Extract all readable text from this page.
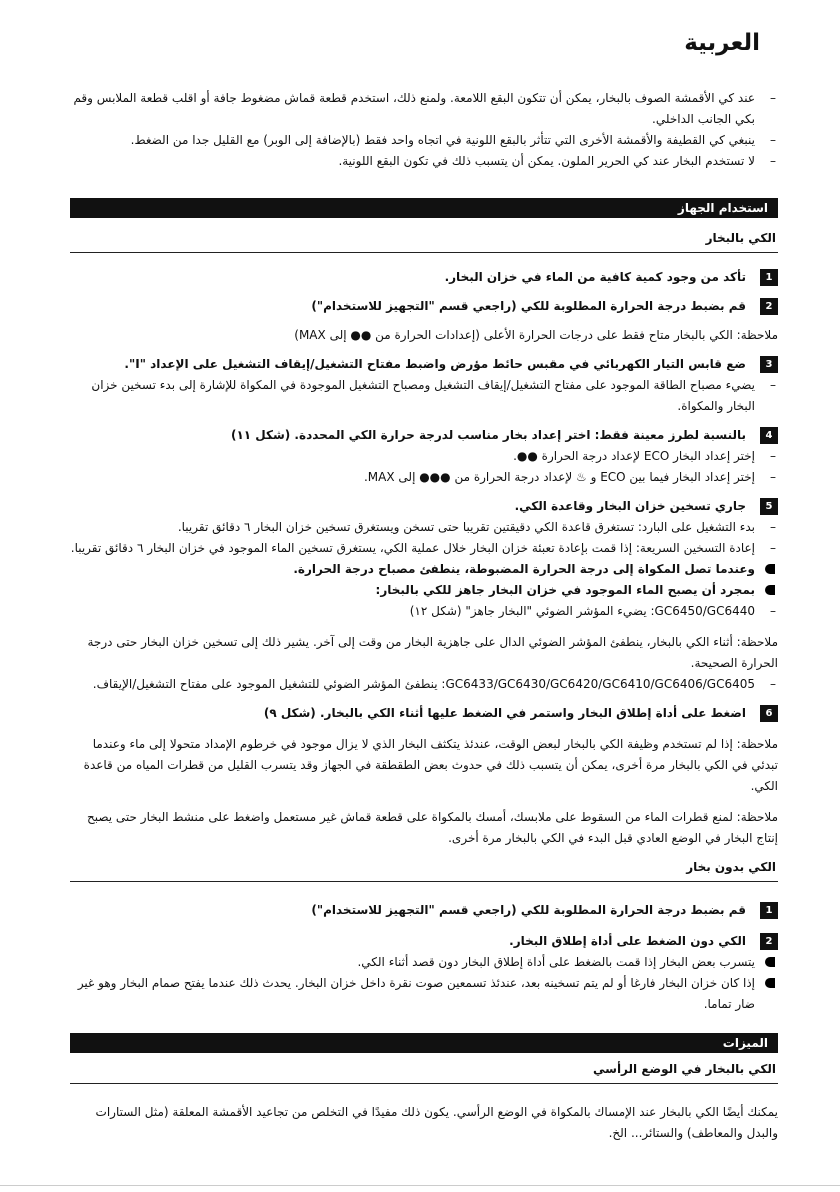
العربية

– عند كي الأقمشة الصوف بالبخار، يمكن أن تتكون البقع اللامعة. ولمنع ذلك، استخدم قطعة قماش مضغوط جافة أو اقلب قطعة الملابس وقم بكي الجانب الداخلي.

– ينبغي كي القطيفة والأقمشة الأخرى التي تتأثر بالبقع اللونية في اتجاه واحد فقط (بالإضافة إلى الوبر) مع القليل جدا من الضغط.

– لا تستخدم البخار عند كي الحرير الملون. يمكن أن يتسبب ذلك في تكون البقع اللونية.

استخدام الجهاز
الكي بالبخار

1
تأكد من وجود كمية كافية من الماء في خزان البخار.

2
قم بضبط درجة الحرارة المطلوبة للكي (راجعي قسم "التجهيز للاستخدام")

ملاحظة: الكي بالبخار متاح فقط على درجات الحرارة الأعلى (إعدادات الحرارة من ●● إلى MAX)

3
ضع قابس التيار الكهربائي في مقبس حائط مؤرض واضبط مفتاح التشغيل/إيقاف التشغيل على الإعداد "I".

– يضيء مصباح الطاقة الموجود على مفتاح التشغيل/إيقاف التشغيل ومصباح التشغيل الموجودة في المكواة للإشارة إلى بدء تسخين خزان البخار والمكواة.

4
بالنسبة لطرز معينة فقط: اختر إعداد بخار مناسب لدرجة حرارة الكي المحددة. (شكل ١١)

– إختر إعداد البخار ECO لإعداد درجة الحرارة ●●.

– إختر إعداد البخار فيما بين ECO و ♨ لإعداد درجة الحرارة من ●●● إلى MAX.

5
جاري تسخين خزان البخار وقاعدة الكي.

– بدء التشغيل على البارد: تستغرق قاعدة الكي دقيقتين تقريبا حتى تسخن ويستغرق تسخين خزان البخار ٦ دقائق تقريبا.

– إعادة التسخين السريعة: إذا قمت بإعادة تعبئة خزان البخار خلال عملية الكي، يستغرق تسخين الماء الموجود في خزان البخار ٦ دقائق تقريبا.

وعندما تصل المكواة إلى درجة الحرارة المضبوطة، ينطفئ مصباح درجة الحرارة.

بمجرد أن يصبح الماء الموجود في خزان البخار جاهز للكي بالبخار:

– GC6450/GC6440: يضيء المؤشر الضوئي "البخار جاهز" (شكل ١٢)

ملاحظة: أثناء الكي بالبخار، ينطفئ المؤشر الضوئي الدال على جاهزية البخار من وقت إلى آخر. يشير ذلك إلى تسخين خزان البخار حتى درجة الحرارة الصحيحة.

– GC6433/GC6430/GC6420/GC6410/GC6406/GC6405: ينطفئ المؤشر الضوئي للتشغيل الموجود على مفتاح التشغيل/الإيقاف.

6
اضغط على أداة إطلاق البخار واستمر في الضغط عليها أثناء الكي بالبخار. (شكل ٩)

ملاحظة: إذا لم تستخدم وظيفة الكي بالبخار لبعض الوقت، عندئذ يتكثف البخار الذي لا يزال موجود في خرطوم الإمداد متحولا إلى ماء وعندما تبدئي في الكي بالبخار مرة أخرى، يمكن أن يتسبب ذلك في حدوث بعض الطقطقة في الجهاز وقد يتسرب القليل من قطرات المياه من قاعدة الكي.

ملاحظة: لمنع قطرات الماء من السقوط على ملابسك، أمسك بالمكواة على قطعة قماش غير مستعمل واضغط على منشط البخار حتى يصبح إنتاج البخار في الوضع العادي قبل البدء في الكي بالبخار مرة أخرى.

الكي بدون بخار

1
قم بضبط درجة الحرارة المطلوبة للكي (راجعي قسم "التجهيز للاستخدام")

2
الكي دون الضغط على أداة إطلاق البخار.

يتسرب بعض البخار إذا قمت بالضغط على أداة إطلاق البخار دون قصد أثناء الكي.

إذا كان خزان البخار فارغا أو لم يتم تسخينه بعد، عندئذ تسمعين صوت نقرة داخل خزان البخار. يحدث ذلك عندما يفتح صمام البخار وهو غير ضار تماما.

الميزات
الكي بالبخار في الوضع الرأسي

يمكنك أيضًا الكي بالبخار عند الإمساك بالمكواة في الوضع الرأسي. يكون ذلك مفيدًا في التخلص من تجاعيد الأقمشة المعلقة (مثل الستارات والبدل والمعاطف) والستائر... الخ.
